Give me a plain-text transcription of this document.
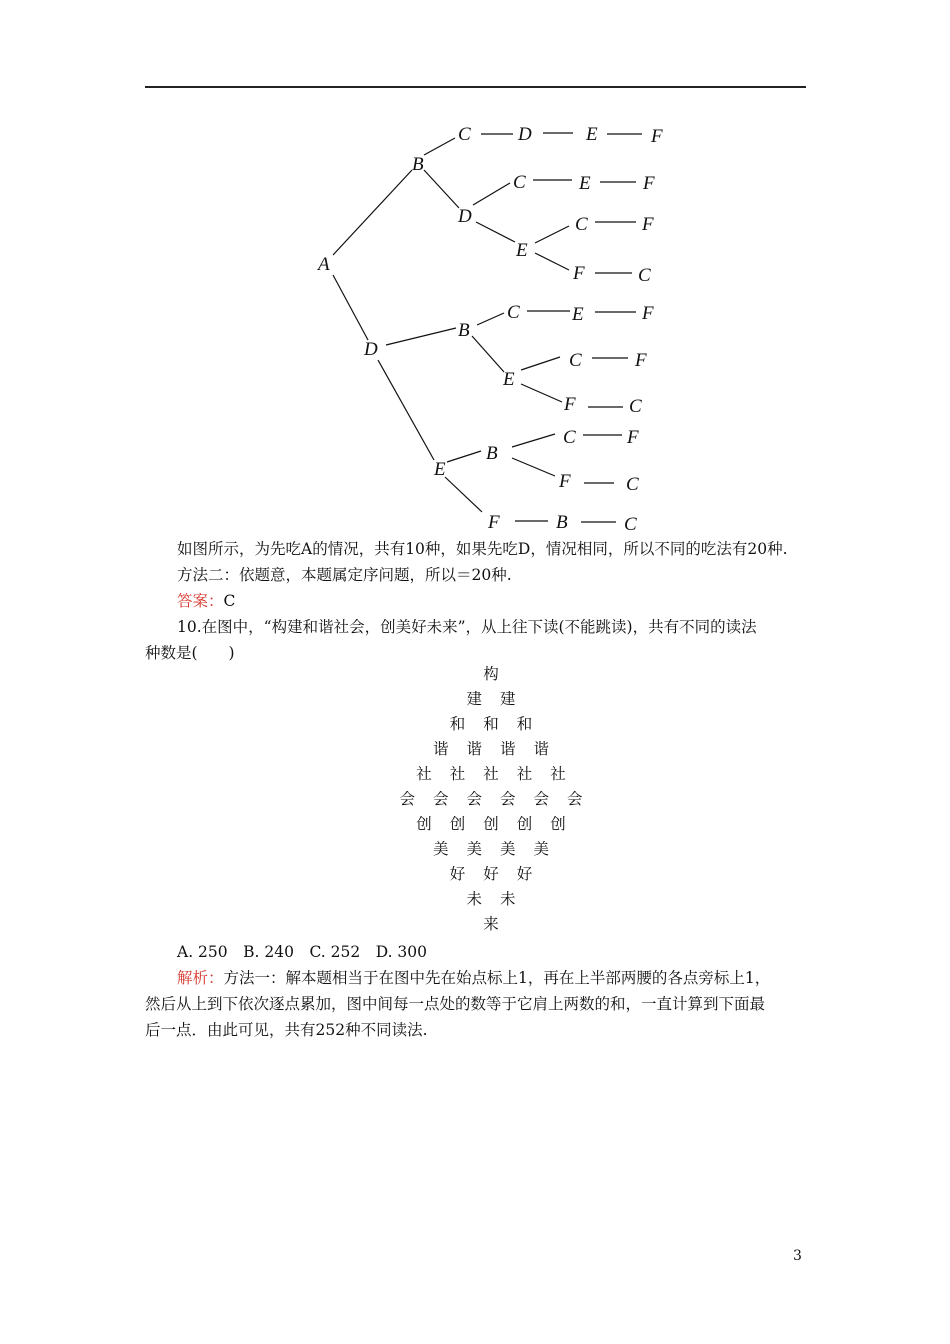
A
B
C D	E	F
D
C	E	F
E
C	F
F	C
D
B
C	E	F
E
C	F
F	C
E
B
C	F
F	C
F	B	C
如图所示，为先吃A的情况，共有10种，如果先吃D，情况相同，所以不同的吃法有20种.
方法二：依题意，本题属定序问题，所以＝20种.
答案：C
10.在图中，“构建和谐社会，创美好未来”，从上往下读(不能跳读)，共有不同的读法
种数是(　　)
构
建	建
和	和	和
谐	谐	谐	谐
社	社	社	社	社
会	会	会	会	会	会
创	创	创	创	创
美	美	美	美
好	好	好
未	未
来
A. 250　B. 240　C. 252　D. 300
解析：方法一：解本题相当于在图中先在始点标上1，再在上半部两腰的各点旁标上1，
然后从上到下依次逐点累加，图中间每一点处的数等于它肩上两数的和，一直计算到下面最
后一点．由此可见，共有252种不同读法.
3
